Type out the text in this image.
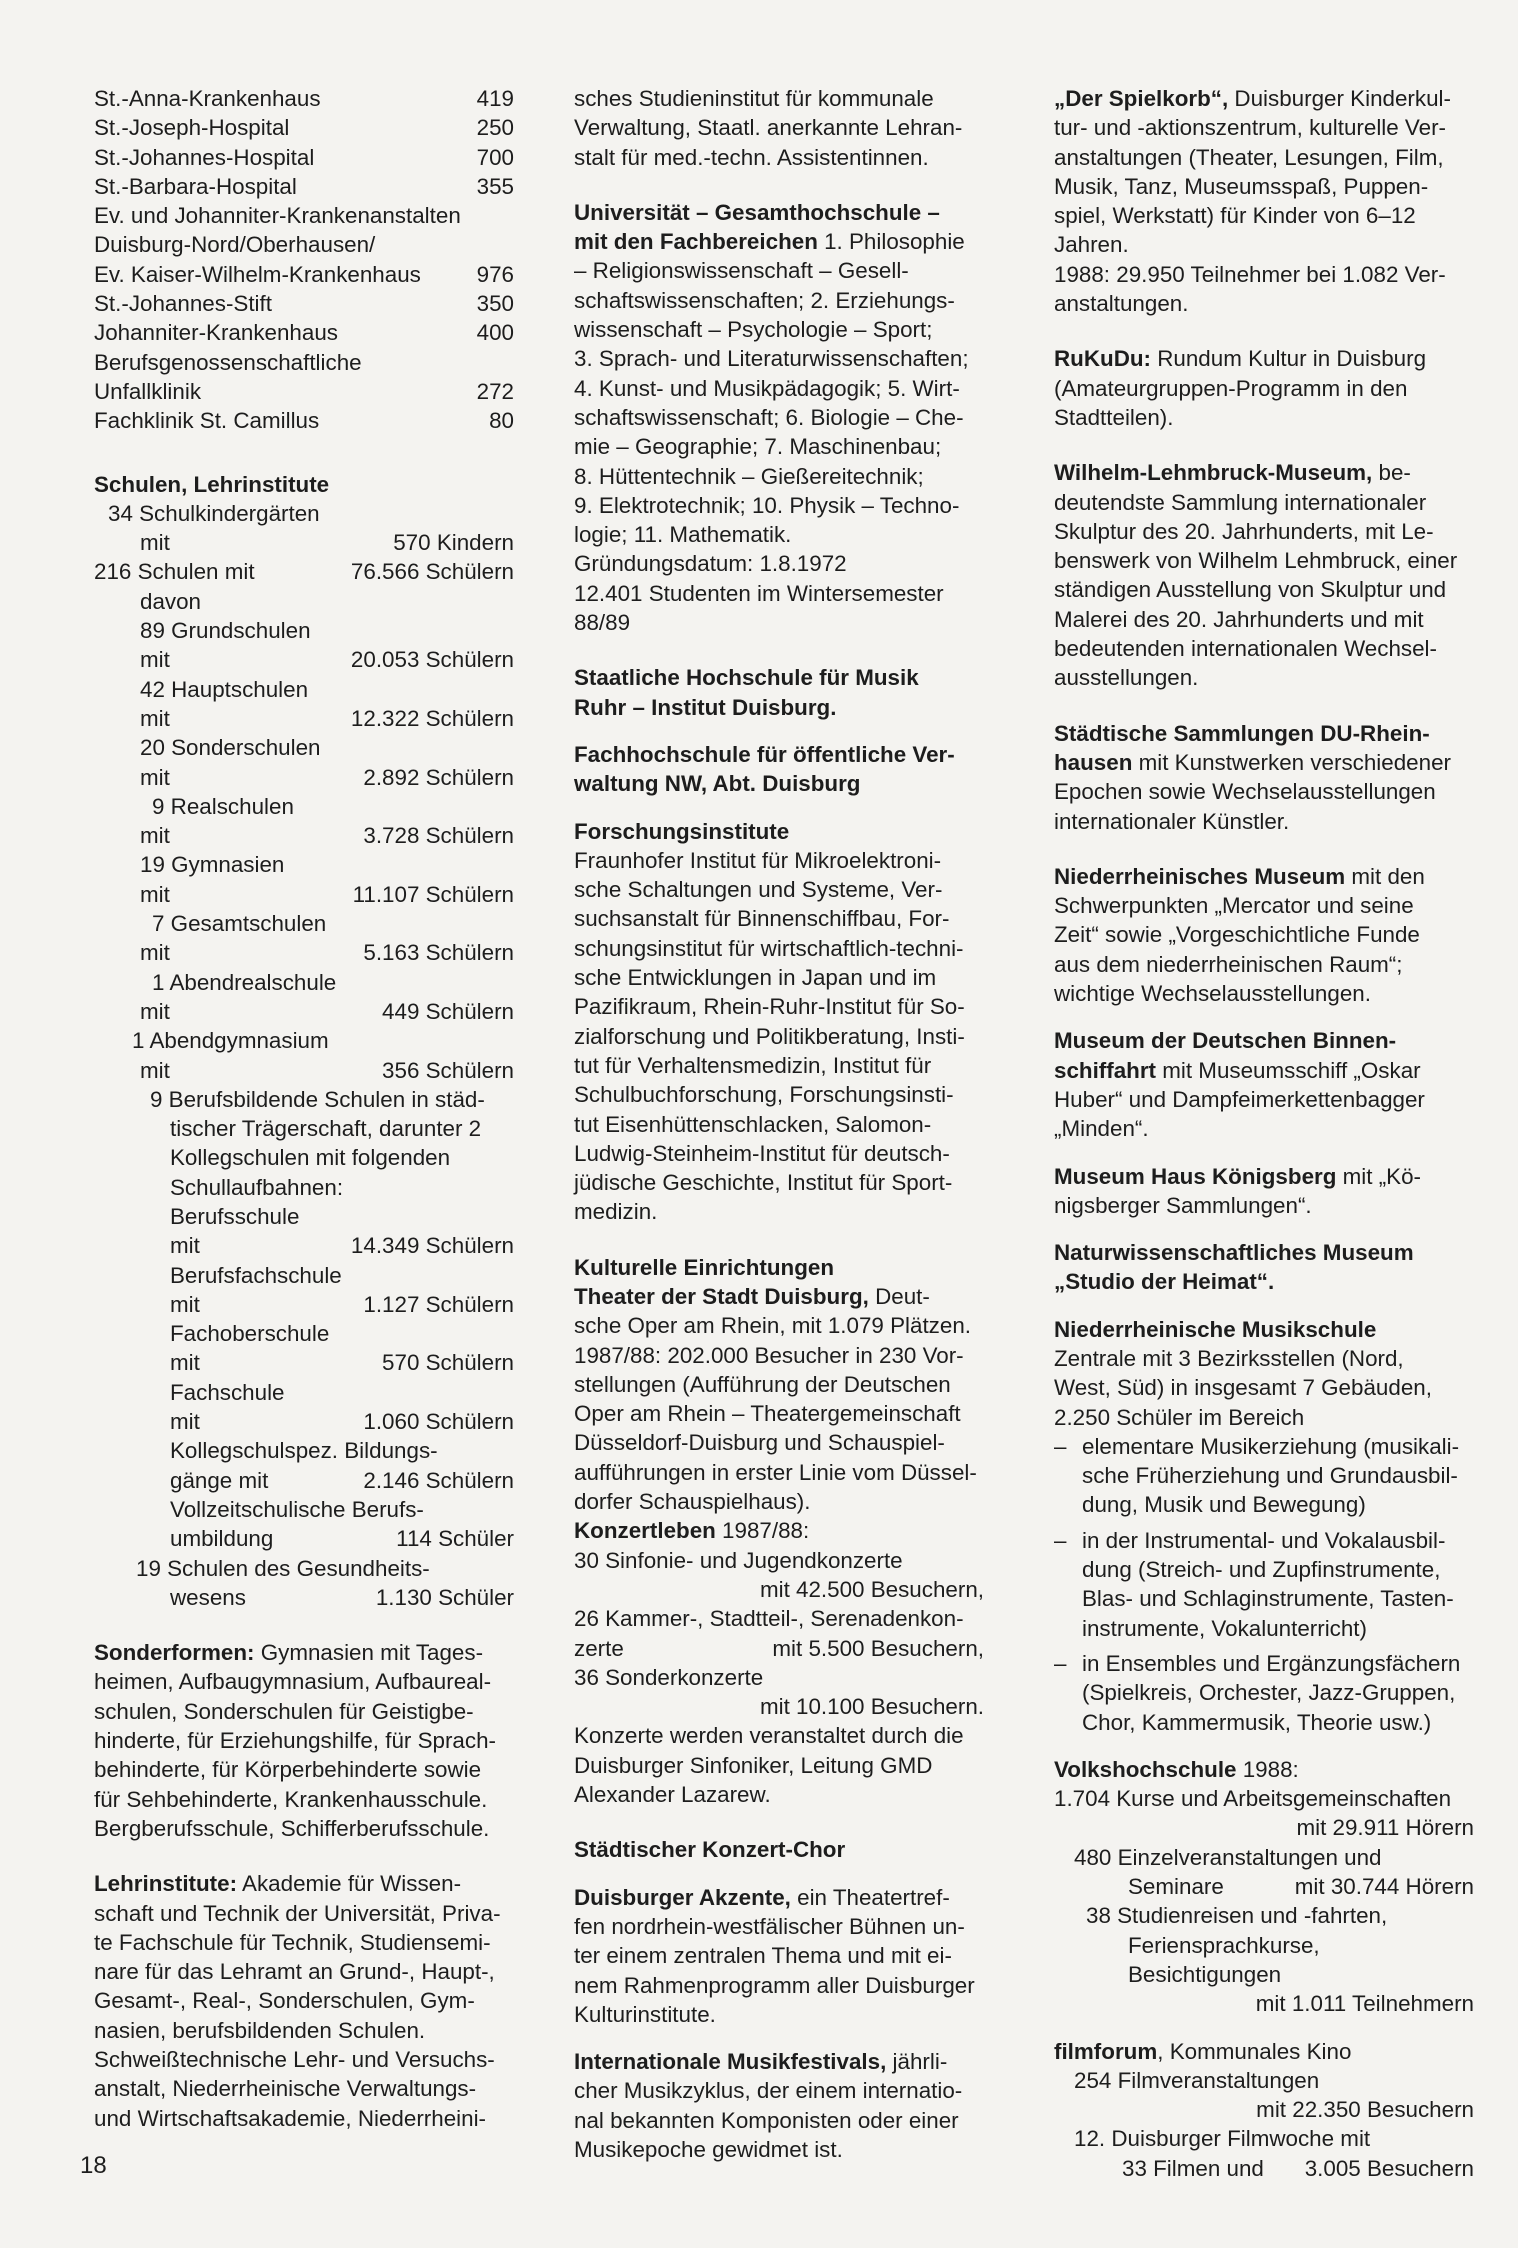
St.-Anna-Krankenhaus	419
St.-Joseph-Hospital	250
St.-Johannes-Hospital	700
St.-Barbara-Hospital	355
Ev. und Johanniter-Krankenanstalten
Duisburg-Nord/Oberhausen/
Ev. Kaiser-Wilhelm-Krankenhaus 976
St.-Johannes-Stift	350
Johanniter-Krankenhaus	400
Berufsgenossenschaftliche
Unfallklinik	272
Fachklinik St. Camillus	80
Schulen, Lehrinstitute
34 Schulkindergärten
mit	570 Kindern
216 Schulen mit	76.566 Schülern
davon
89 Grundschulen
mit	20.053 Schülern
42 Hauptschulen
mit	12.322 Schülern
20 Sonderschulen
mit	2.892 Schülern
9 Realschulen
mit	3.728 Schülern
19 Gymnasien
mit	11.107 Schülern
7 Gesamtschulen
mit	5.163 Schülern
1 Abendrealschule
mit	449 Schülern
1 Abendgymnasium
mit	356 Schülern
9 Berufsbildende Schulen in städ-
tischer Trägerschaft, darunter 2
Kollegschulen mit folgenden
Schullaufbahnen:
Berufsschule
mit	14.349 Schülern
Berufsfachschule
mit	1.127 Schülern
Fachoberschule
mit	570 Schülern
Fachschule
mit	1.060 Schülern
Kollegschulspez. Bildungs-
gänge mit	2.146 Schülern
Vollzeitschulische Berufs-
umbildung	114 Schüler
19 Schulen des Gesundheits-
wesens	1.130 Schüler
Sonderformen: Gymnasien mit Tages-
heimen, Aufbaugymnasium, Aufbaureal-
schulen, Sonderschulen für Geistigbe-
hinderte, für Erziehungshilfe, für Sprach-
behinderte, für Körperbehinderte sowie
für Sehbehinderte, Krankenhausschule.
Bergberufsschule, Schifferberufsschule.
Lehrinstitute: Akademie für Wissen-
schaft und Technik der Universität, Priva-
te Fachschule für Technik, Studiensemi-
nare für das Lehramt an Grund-, Haupt-,
Gesamt-, Real-, Sonderschulen, Gym-
nasien, berufsbildenden Schulen.
Schweißtechnische Lehr- und Versuchs-
anstalt, Niederrheinische Verwaltungs-
und Wirtschaftsakademie, Niederrheini-
sches Studieninstitut für kommunale
Verwaltung, Staatl. anerkannte Lehran-
stalt für med.-techn. Assistentinnen.
Universität – Gesamthochschule –
mit den Fachbereichen 1. Philosophie
– Religionswissenschaft – Gesell-
schaftswissenschaften; 2. Erziehungs-
wissenschaft – Psychologie – Sport;
3. Sprach- und Literaturwissenschaften;
4. Kunst- und Musikpädagogik; 5. Wirt-
schaftswissenschaft; 6. Biologie – Che-
mie – Geographie; 7. Maschinenbau;
8. Hüttentechnik – Gießereitechnik;
9. Elektrotechnik; 10. Physik – Techno-
logie; 11. Mathematik.
Gründungsdatum: 1.8.1972
12.401 Studenten im Wintersemester
88/89
Staatliche Hochschule für Musik
Ruhr – Institut Duisburg.
Fachhochschule für öffentliche Ver-
waltung NW, Abt. Duisburg
Forschungsinstitute
Fraunhofer Institut für Mikroelektroni-
sche Schaltungen und Systeme, Ver-
suchsanstalt für Binnenschiffbau, For-
schungsinstitut für wirtschaftlich-techni-
sche Entwicklungen in Japan und im
Pazifikraum, Rhein-Ruhr-Institut für So-
zialforschung und Politikberatung, Insti-
tut für Verhaltensmedizin, Institut für
Schulbuchforschung, Forschungsinsti-
tut Eisenhüttenschlacken, Salomon-
Ludwig-Steinheim-Institut für deutsch-
jüdische Geschichte, Institut für Sport-
medizin.
Kulturelle Einrichtungen
Theater der Stadt Duisburg, Deut-
sche Oper am Rhein, mit 1.079 Plätzen.
1987/88: 202.000 Besucher in 230 Vor-
stellungen (Aufführung der Deutschen
Oper am Rhein – Theatergemeinschaft
Düsseldorf-Duisburg und Schauspiel-
aufführungen in erster Linie vom Düssel-
dorfer Schauspielhaus).
Konzertleben 1987/88:
30 Sinfonie- und Jugendkonzerte
mit 42.500 Besuchern,
26 Kammer-, Stadtteil-, Serenadenkon-
zerte	mit 5.500 Besuchern,
36 Sonderkonzerte
mit 10.100 Besuchern.
Konzerte werden veranstaltet durch die
Duisburger Sinfoniker, Leitung GMD
Alexander Lazarew.
Städtischer Konzert-Chor
Duisburger Akzente, ein Theatertref-
fen nordrhein-westfälischer Bühnen un-
ter einem zentralen Thema und mit ei-
nem Rahmenprogramm aller Duisburger
Kulturinstitute.
Internationale Musikfestivals, jährli-
cher Musikzyklus, der einem internatio-
nal bekannten Komponisten oder einer
Musikepoche gewidmet ist.
„Der Spielkorb“, Duisburger Kinderkul-
tur- und -aktionszentrum, kulturelle Ver-
anstaltungen (Theater, Lesungen, Film,
Musik, Tanz, Museumsspaß, Puppen-
spiel, Werkstatt) für Kinder von 6–12
Jahren.
1988: 29.950 Teilnehmer bei 1.082 Ver-
anstaltungen.
RuKuDu: Rundum Kultur in Duisburg
(Amateurgruppen-Programm in den
Stadtteilen).
Wilhelm-Lehmbruck-Museum, be-
deutendste Sammlung internationaler
Skulptur des 20. Jahrhunderts, mit Le-
benswerk von Wilhelm Lehmbruck, einer
ständigen Ausstellung von Skulptur und
Malerei des 20. Jahrhunderts und mit
bedeutenden internationalen Wechsel-
ausstellungen.
Städtische Sammlungen DU-Rhein-
hausen mit Kunstwerken verschiedener
Epochen sowie Wechselausstellungen
internationaler Künstler.
Niederrheinisches Museum mit den
Schwerpunkten „Mercator und seine
Zeit“ sowie „Vorgeschichtliche Funde
aus dem niederrheinischen Raum“;
wichtige Wechselausstellungen.
Museum der Deutschen Binnen-
schiffahrt mit Museumsschiff „Oskar
Huber“ und Dampfeimerkettenbagger
„Minden“.
Museum Haus Königsberg mit „Kö-
nigsberger Sammlungen“.
Naturwissenschaftliches Museum
„Studio der Heimat“.
Niederrheinische Musikschule
Zentrale mit 3 Bezirksstellen (Nord,
West, Süd) in insgesamt 7 Gebäuden,
2.250 Schüler im Bereich
– elementare Musikerziehung (musikali-
sche Früherziehung und Grundausbil-
dung, Musik und Bewegung)
– in der Instrumental- und Vokalausbil-
dung (Streich- und Zupfinstrumente,
Blas- und Schlaginstrumente, Tasten-
instrumente, Vokalunterricht)
– in Ensembles und Ergänzungsfächern
(Spielkreis, Orchester, Jazz-Gruppen,
Chor, Kammermusik, Theorie usw.)
Volkshochschule 1988:
1.704 Kurse und Arbeitsgemeinschaften
mit 29.911 Hörern
480 Einzelveranstaltungen und
Seminare	mit 30.744 Hörern
38 Studienreisen und -fahrten,
Feriensprachkurse,
Besichtigungen
mit 1.011 Teilnehmern
filmforum, Kommunales Kino
254 Filmveranstaltungen
mit 22.350 Besuchern
12. Duisburger Filmwoche mit
33 Filmen und 3.005 Besuchern
18
